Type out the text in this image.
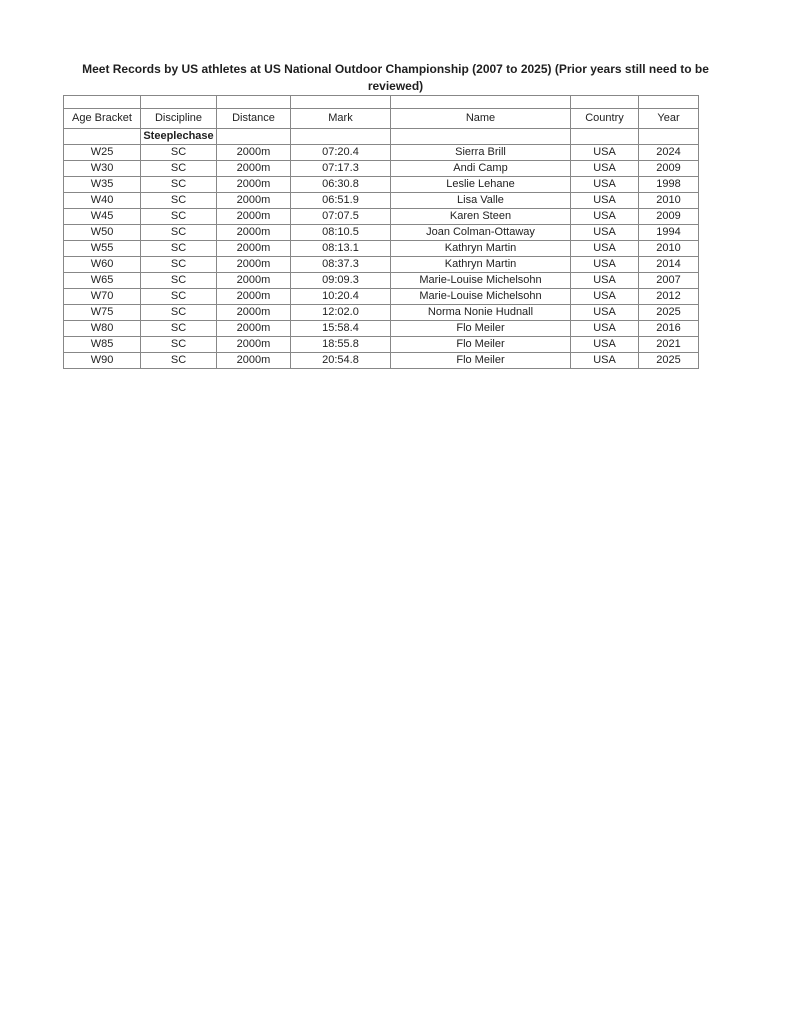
Meet Records by US athletes at US National Outdoor Championship (2007 to 2025) (Prior years still need to be
reviewed)

Age Bracket	Discipline	Distance	Mark	Name	Country	Year
	Steeplechase					
W25	SC	2000m	07:20.4	Sierra Brill	USA	2024
W30	SC	2000m	07:17.3	Andi Camp	USA	2009
W35	SC	2000m	06:30.8	Leslie Lehane	USA	1998
W40	SC	2000m	06:51.9	Lisa Valle	USA	2010
W45	SC	2000m	07:07.5	Karen Steen	USA	2009
W50	SC	2000m	08:10.5	Joan Colman-Ottaway	USA	1994
W55	SC	2000m	08:13.1	Kathryn Martin	USA	2010
W60	SC	2000m	08:37.3	Kathryn Martin	USA	2014
W65	SC	2000m	09:09.3	Marie-Louise Michelsohn	USA	2007
W70	SC	2000m	10:20.4	Marie-Louise Michelsohn	USA	2012
W75	SC	2000m	12:02.0	Norma Nonie Hudnall	USA	2025
W80	SC	2000m	15:58.4	Flo Meiler	USA	2016
W85	SC	2000m	18:55.8	Flo Meiler	USA	2021
W90	SC	2000m	20:54.8	Flo Meiler	USA	2025
